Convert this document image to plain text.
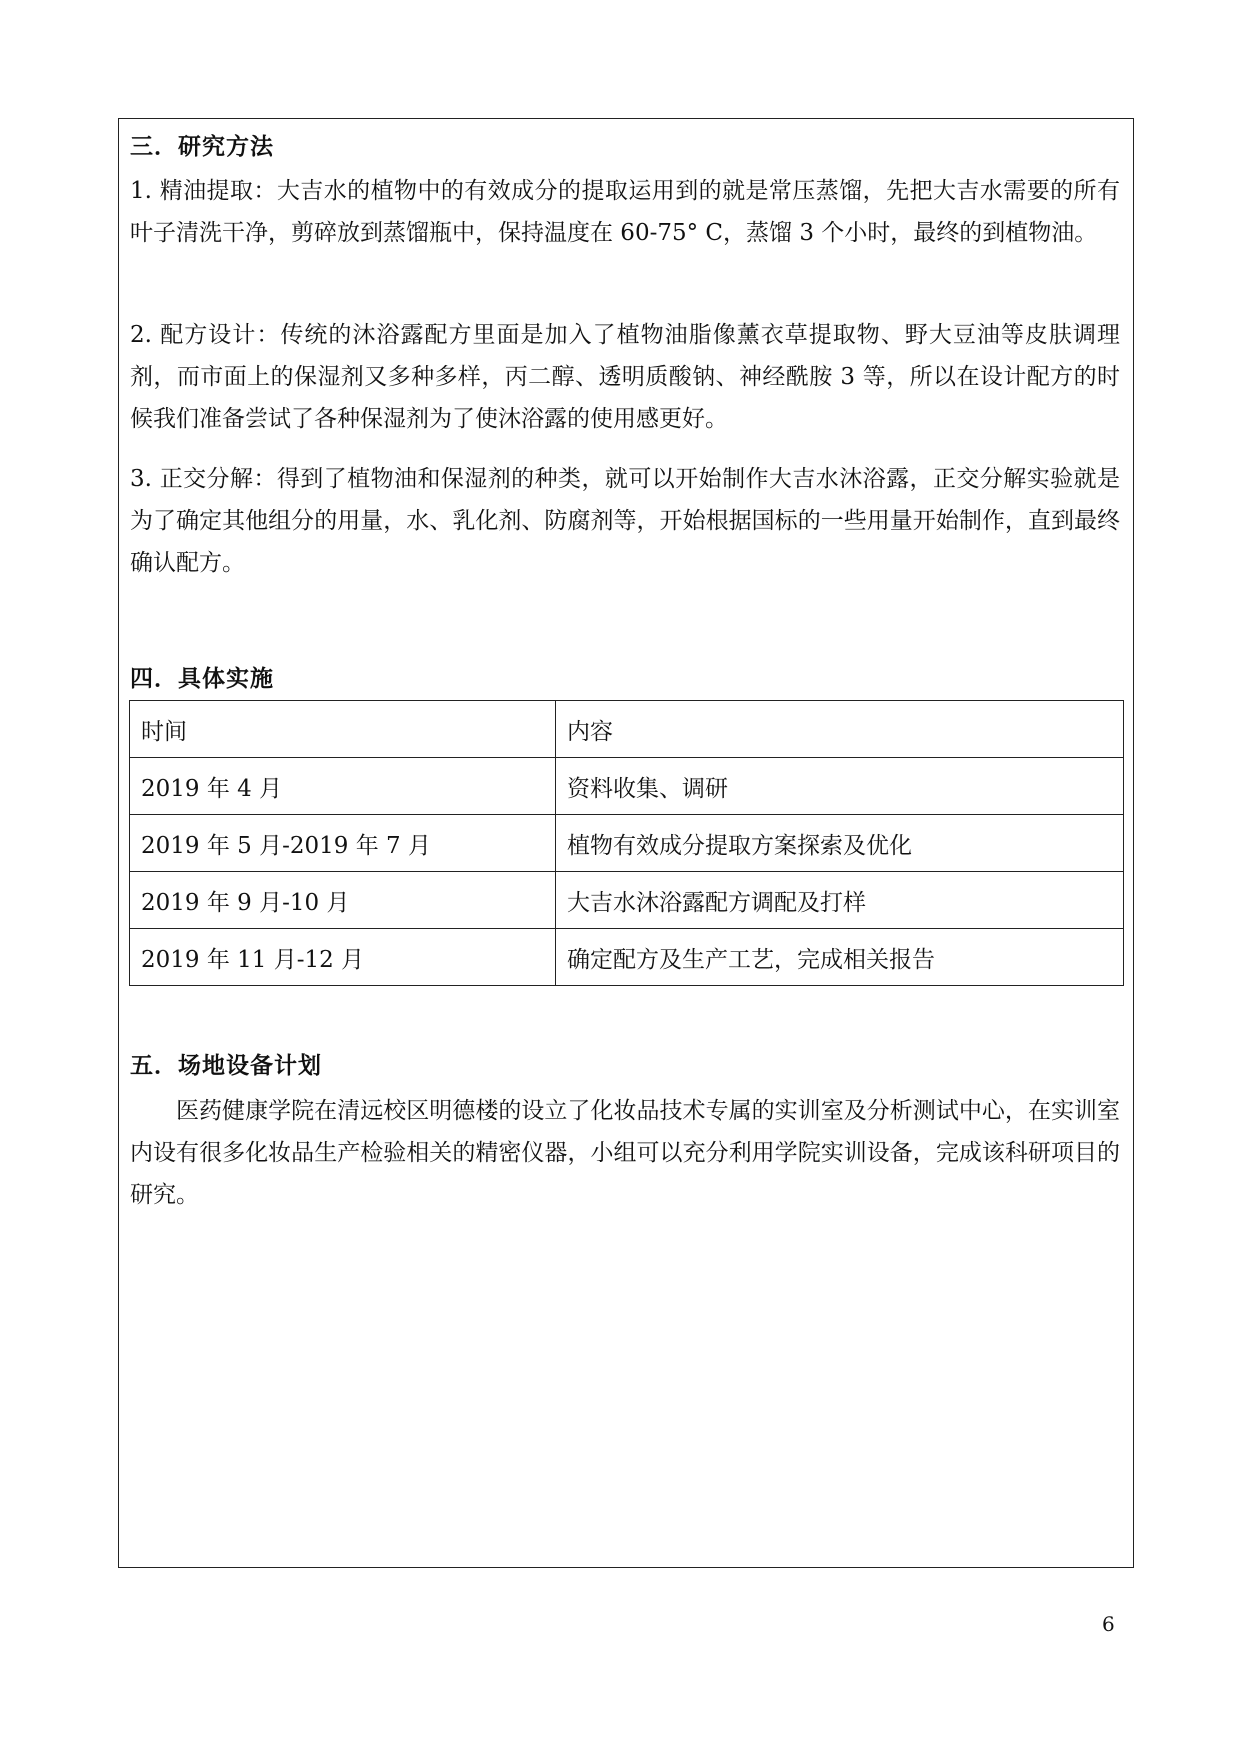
三．研究方法

1. 精油提取：大吉水的植物中的有效成分的提取运用到的就是常压蒸馏，先把大吉水需要的所有叶子清洗干净，剪碎放到蒸馏瓶中，保持温度在 60-75° C，蒸馏 3 个小时，最终的到植物油。

2. 配方设计：传统的沐浴露配方里面是加入了植物油脂像薰衣草提取物、野大豆油等皮肤调理剂，而市面上的保湿剂又多种多样，丙二醇、透明质酸钠、神经酰胺 3 等，所以在设计配方的时候我们准备尝试了各种保湿剂为了使沐浴露的使用感更好。

3. 正交分解：得到了植物油和保湿剂的种类，就可以开始制作大吉水沐浴露，正交分解实验就是为了确定其他组分的用量，水、乳化剂、防腐剂等，开始根据国标的一些用量开始制作，直到最终确认配方。

四．具体实施
时间	内容
2019 年 4 月	资料收集、调研
2019 年 5 月-2019 年 7 月	植物有效成分提取方案探索及优化
2019 年 9 月-10 月	大吉水沐浴露配方调配及打样
2019 年 11 月-12 月	确定配方及生产工艺，完成相关报告
五．场地设备计划

医药健康学院在清远校区明德楼的设立了化妆品技术专属的实训室及分析测试中心，在实训室内设有很多化妆品生产检验相关的精密仪器，小组可以充分利用学院实训设备，完成该科研项目的研究。

6
